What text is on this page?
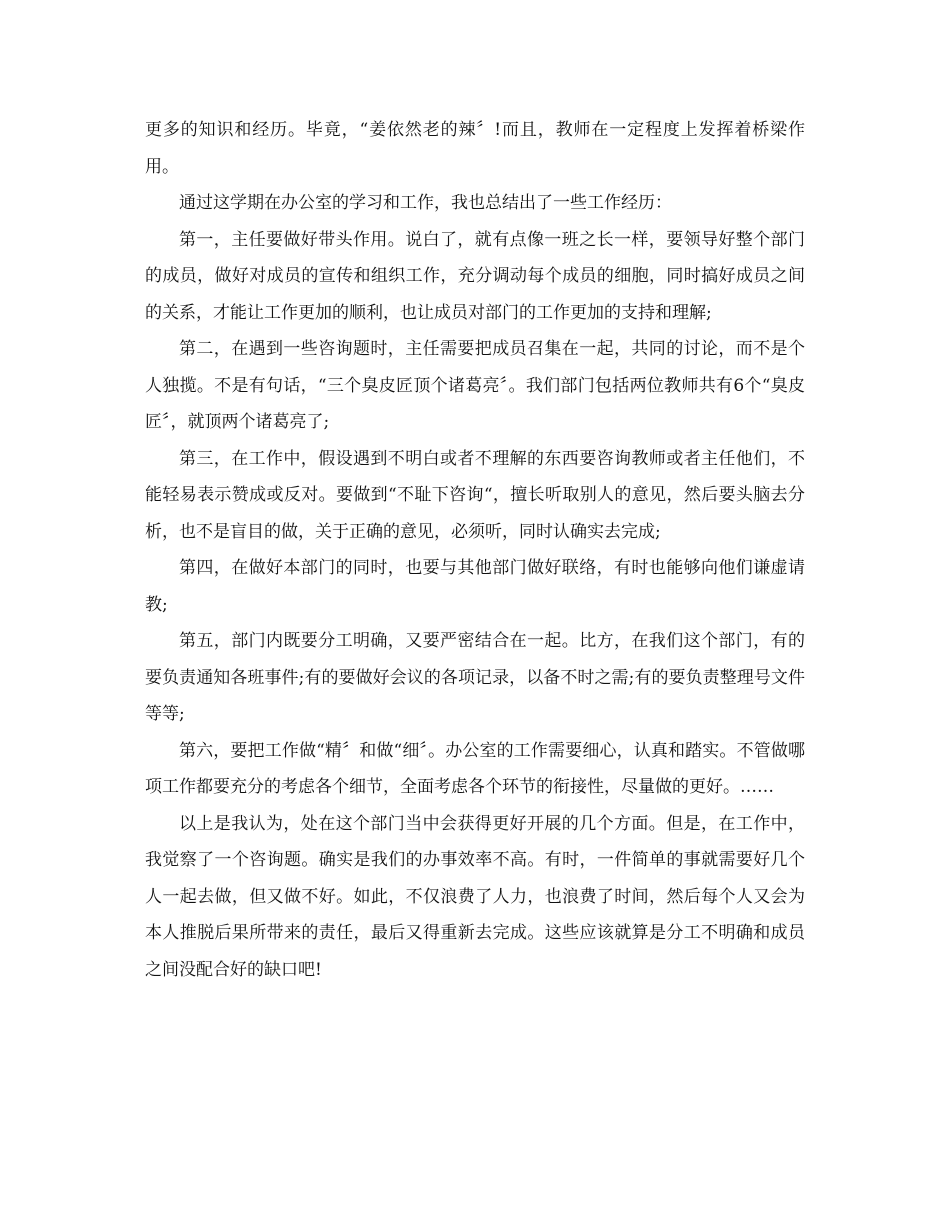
更多的知识和经历。毕竟，“姜依然老的辣〞!而且，教师在一定程度上发挥着桥梁作用。

通过这学期在办公室的学习和工作，我也总结出了一些工作经历：

第一，主任要做好带头作用。说白了，就有点像一班之长一样，要领导好整个部门的成员，做好对成员的宣传和组织工作，充分调动每个成员的细胞，同时搞好成员之间的关系，才能让工作更加的顺利，也让成员对部门的工作更加的支持和理解;

第二，在遇到一些咨询题时，主任需要把成员召集在一起，共同的讨论，而不是个人独揽。不是有句话，“三个臭皮匠顶个诸葛亮〞。我们部门包括两位教师共有6个“臭皮匠〞，就顶两个诸葛亮了;

第三，在工作中，假设遇到不明白或者不理解的东西要咨询教师或者主任他们，不能轻易表示赞成或反对。要做到“不耻下咨询“，擅长听取别人的意见，然后要头脑去分析，也不是盲目的做，关于正确的意见，必须听，同时认确实去完成;

第四，在做好本部门的同时，也要与其他部门做好联络，有时也能够向他们谦虚请教;

第五，部门内既要分工明确，又要严密结合在一起。比方，在我们这个部门，有的要负责通知各班事件;有的要做好会议的各项记录，以备不时之需;有的要负责整理号文件等等;

第六，要把工作做“精〞和做“细〞。办公室的工作需要细心，认真和踏实。不管做哪项工作都要充分的考虑各个细节，全面考虑各个环节的衔接性，尽量做的更好。……

以上是我认为，处在这个部门当中会获得更好开展的几个方面。但是，在工作中，我觉察了一个咨询题。确实是我们的办事效率不高。有时，一件简单的事就需要好几个人一起去做，但又做不好。如此，不仅浪费了人力，也浪费了时间，然后每个人又会为本人推脱后果所带来的责任，最后又得重新去完成。这些应该就算是分工不明确和成员之间没配合好的缺口吧!
